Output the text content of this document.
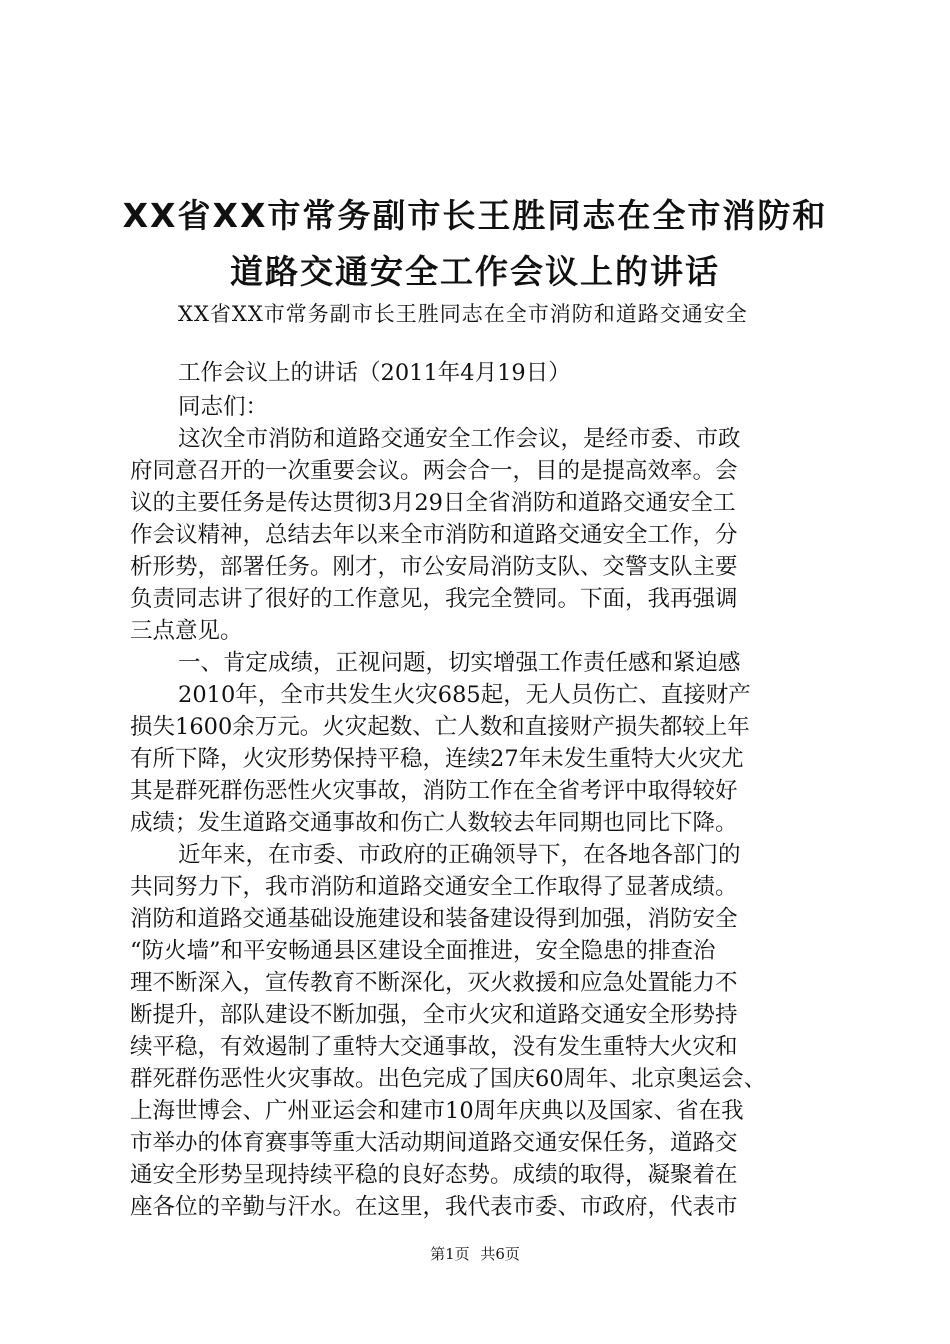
XX省XX市常务副市长王胜同志在全市消防和
道路交通安全工作会议上的讲话

XX省XX市常务副市长王胜同志在全市消防和道路交通安全

工作会议上的讲话（2011年4月19日）

同志们：

这次全市消防和道路交通安全工作会议，是经市委、市政

府同意召开的一次重要会议。两会合一，目的是提高效率。会

议的主要任务是传达贯彻3月29日全省消防和道路交通安全工

作会议精神，总结去年以来全市消防和道路交通安全工作，分

析形势，部署任务。刚才，市公安局消防支队、交警支队主要

负责同志讲了很好的工作意见，我完全赞同。下面，我再强调

三点意见。

一、肯定成绩，正视问题，切实增强工作责任感和紧迫感

2010年，全市共发生火灾685起，无人员伤亡、直接财产

损失1600余万元。火灾起数、亡人数和直接财产损失都较上年

有所下降，火灾形势保持平稳，连续27年未发生重特大火灾尤

其是群死群伤恶性火灾事故，消防工作在全省考评中取得较好

成绩；发生道路交通事故和伤亡人数较去年同期也同比下降。

近年来，在市委、市政府的正确领导下，在各地各部门的

共同努力下，我市消防和道路交通安全工作取得了显著成绩。

消防和道路交通基础设施建设和装备建设得到加强，消防安全

“防火墙”和平安畅通县区建设全面推进，安全隐患的排查治

理不断深入，宣传教育不断深化，灭火救援和应急处置能力不

断提升，部队建设不断加强，全市火灾和道路交通安全形势持

续平稳，有效遏制了重特大交通事故，没有发生重特大火灾和

群死群伤恶性火灾事故。出色完成了国庆60周年、北京奥运会、

上海世博会、广州亚运会和建市10周年庆典以及国家、省在我

市举办的体育赛事等重大活动期间道路交通安保任务，道路交

通安全形势呈现持续平稳的良好态势。成绩的取得，凝聚着在

座各位的辛勤与汗水。在这里，我代表市委、市政府，代表市

第1页 共6页
